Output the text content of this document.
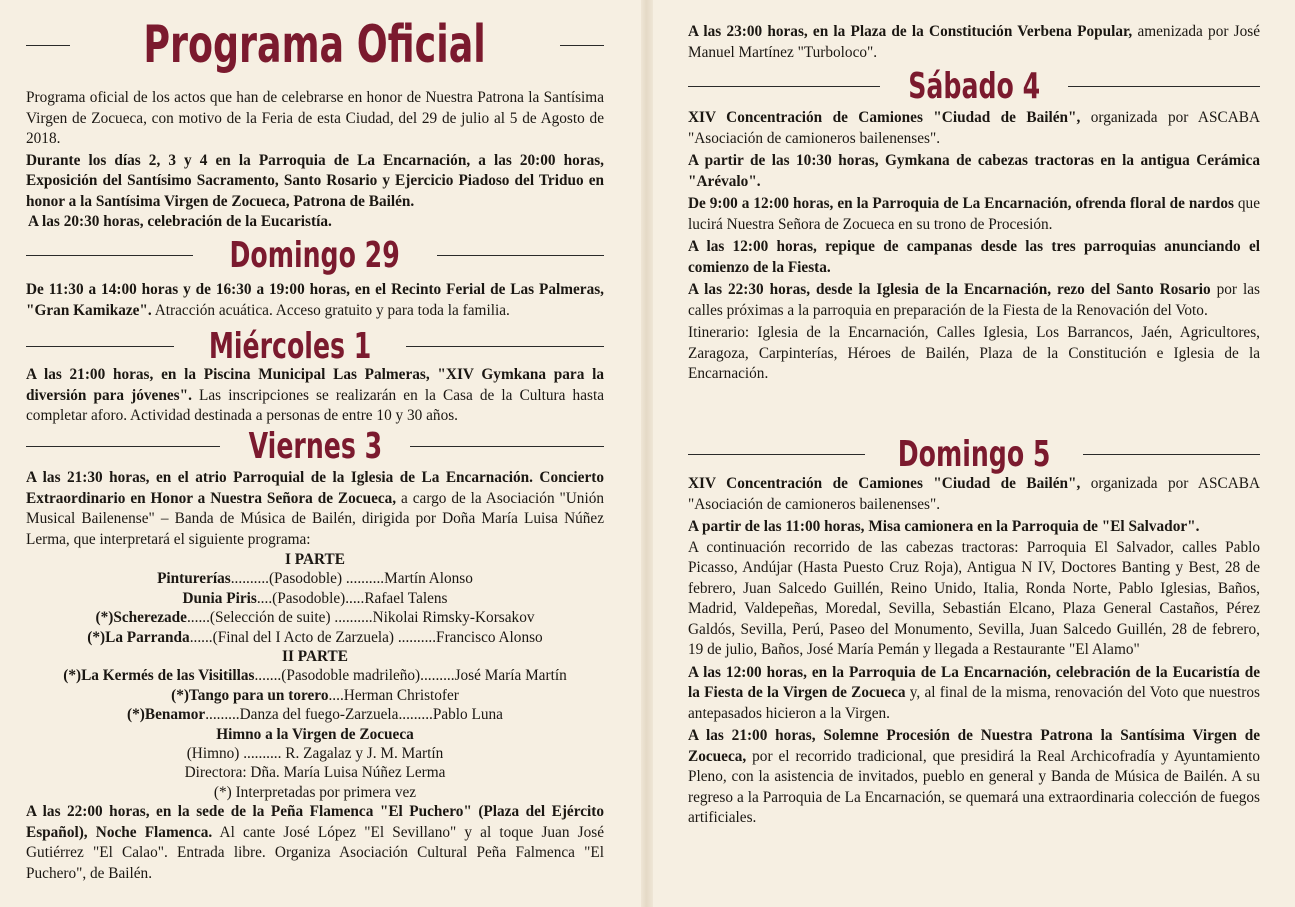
Programa Oficial

Programa oficial de los actos que han de celebrarse en honor de Nuestra Patrona la Santísima Virgen de Zocueca, con motivo de la Feria de esta Ciudad, del 29 de julio al 5 de Agosto de 2018.

Durante los días 2, 3 y 4 en la Parroquia de La Encarnación, a las 20:00 horas, Exposición del Santísimo Sacramento, Santo Rosario y Ejercicio Piadoso del Triduo en honor a la Santísima Virgen de Zocueca, Patrona de Bailén.

A las 20:30 horas, celebración de la Eucaristía.

Domingo 29

De 11:30 a 14:00 horas y de 16:30 a 19:00 horas, en el Recinto Ferial de Las Palmeras, "Gran Kamikaze". Atracción acuática. Acceso gratuito y para toda la familia.

Miércoles 1

A las 21:00 horas, en la Piscina Municipal Las Palmeras, "XIV Gymkana para la diversión para jóvenes". Las inscripciones se realizarán en la Casa de la Cultura hasta completar aforo. Actividad destinada a personas de entre 10 y 30 años.

Viernes 3

A las 21:30 horas, en el atrio Parroquial de la Iglesia de La Encarnación. Concierto Extraordinario en Honor a Nuestra Señora de Zocueca, a cargo de la Asociación "Unión Musical Bailenense" – Banda de Música de Bailén, dirigida por Doña María Luisa Núñez Lerma, que interpretará el siguiente programa:

I PARTE

Pinturerías..........(Pasodoble) ..........Martín Alonso

Dunia Piris....(Pasodoble).....Rafael Talens

(*)Scherezade......(Selección de suite) ..........Nikolai Rimsky-Korsakov

(*)La Parranda......(Final del I Acto de Zarzuela) ..........Francisco Alonso

II PARTE

(*)La Kermés de las Visitillas.......(Pasodoble madrileño).........José María Martín

(*)Tango para un torero....Herman Christofer

(*)Benamor.........Danza del fuego-Zarzuela.........Pablo Luna

Himno a la Virgen de Zocueca

(Himno) .......... R. Zagalaz y J. M. Martín

Directora: Dña. María Luisa Núñez Lerma

(*) Interpretadas por primera vez

A las 22:00 horas, en la sede de la Peña Flamenca "El Puchero" (Plaza del Ejército Español), Noche Flamenca. Al cante José López "El Sevillano" y al toque Juan José Gutiérrez "El Calao". Entrada libre. Organiza Asociación Cultural Peña Falmenca "El Puchero", de Bailén.

A las 23:00 horas, en la Plaza de la Constitución Verbena Popular, amenizada por José Manuel Martínez "Turboloco".

Sábado 4

XIV Concentración de Camiones "Ciudad de Bailén", organizada por ASCABA "Asociación de camioneros bailenenses".

A partir de las 10:30 horas, Gymkana de cabezas tractoras en la antigua Cerámica "Arévalo".

De 9:00 a 12:00 horas, en la Parroquia de La Encarnación, ofrenda floral de nardos que lucirá Nuestra Señora de Zocueca en su trono de Procesión.

A las 12:00 horas, repique de campanas desde las tres parroquias anunciando el comienzo de la Fiesta.

A las 22:30 horas, desde la Iglesia de la Encarnación, rezo del Santo Rosario por las calles próximas a la parroquia en preparación de la Fiesta de la Renovación del Voto.

Itinerario: Iglesia de la Encarnación, Calles Iglesia, Los Barrancos, Jaén, Agricultores, Zaragoza, Carpinterías, Héroes de Bailén, Plaza de la Constitución e Iglesia de la Encarnación.

Domingo 5

XIV Concentración de Camiones "Ciudad de Bailén", organizada por ASCABA "Asociación de camioneros bailenenses".

A partir de las 11:00 horas, Misa camionera en la Parroquia de "El Salvador".

A continuación recorrido de las cabezas tractoras: Parroquia El Salvador, calles Pablo Picasso, Andújar (Hasta Puesto Cruz Roja), Antigua N IV, Doctores Banting y Best, 28 de febrero, Juan Salcedo Guillén, Reino Unido, Italia, Ronda Norte, Pablo Iglesias, Baños, Madrid, Valdepeñas, Moredal, Sevilla, Sebastián Elcano, Plaza General Castaños, Pérez Galdós, Sevilla, Perú, Paseo del Monumento, Sevilla, Juan Salcedo Guillén, 28 de febrero, 19 de julio, Baños, José María Pemán y llegada a Restaurante "El Alamo"

A las 12:00 horas, en la Parroquia de La Encarnación, celebración de la Eucaristía de la Fiesta de la Virgen de Zocueca y, al final de la misma, renovación del Voto que nuestros antepasados hicieron a la Virgen.

A las 21:00 horas, Solemne Procesión de Nuestra Patrona la Santísima Virgen de Zocueca, por el recorrido tradicional, que presidirá la Real Archicofradía y Ayuntamiento Pleno, con la asistencia de invitados, pueblo en general y Banda de Música de Bailén. A su regreso a la Parroquia de La Encarnación, se quemará una extraordinaria colección de fuegos artificiales.
